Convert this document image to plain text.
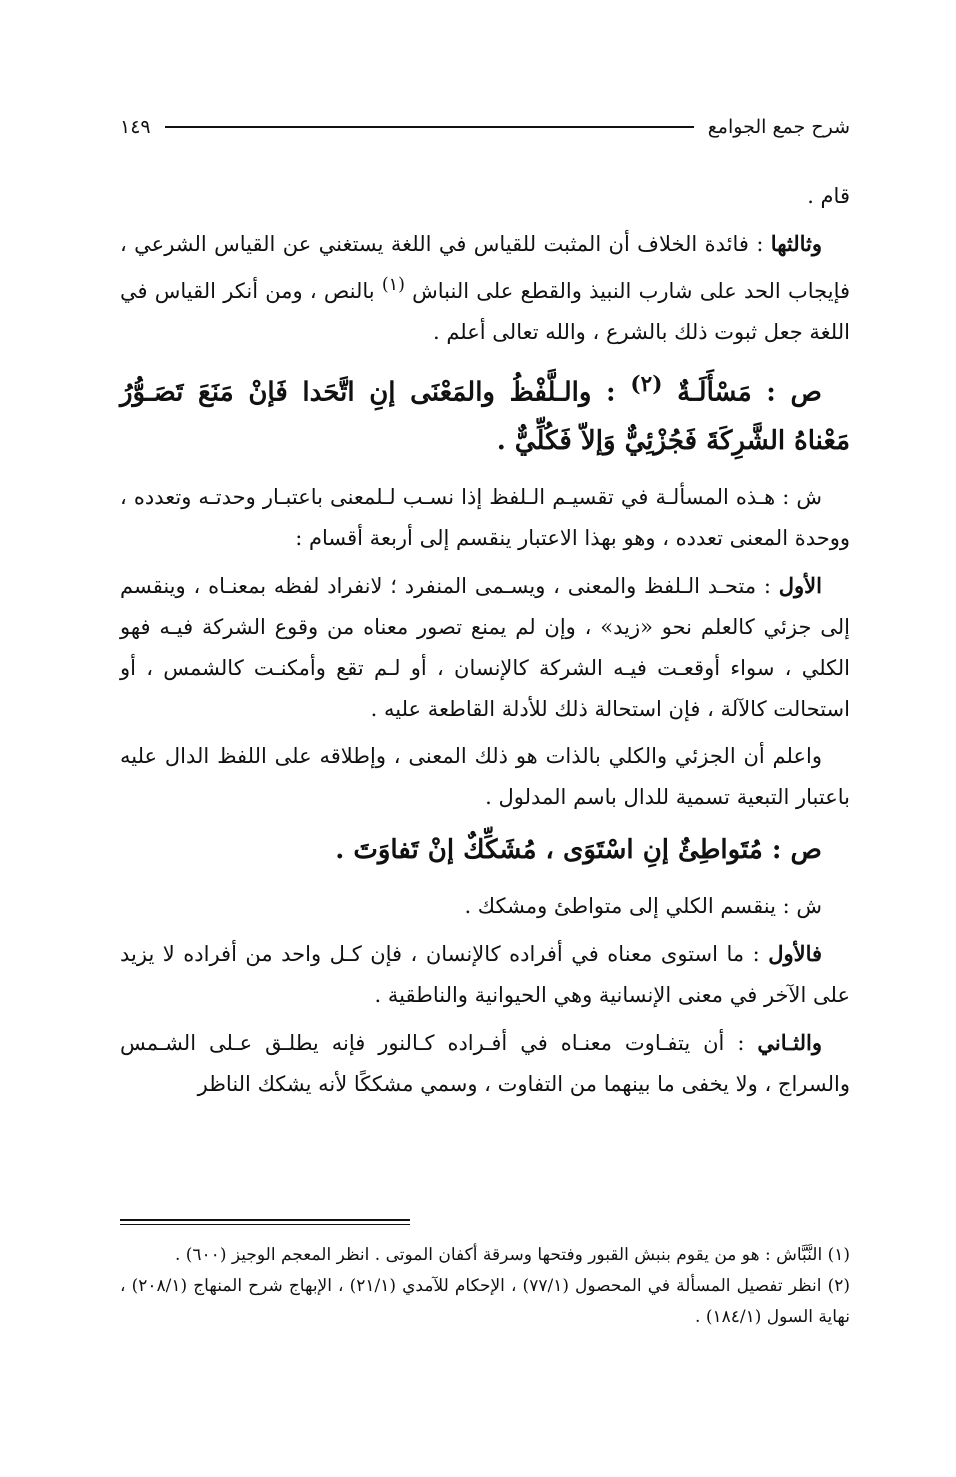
شرح جمع الجوامع
١٤٩

قام .

وثالثها : فائدة الخلاف أن المثبت للقياس في اللغة يستغني عن القياس الشرعي ، فإيجاب الحد على شارب النبيذ والقطع على النباش $^{(١)}$ بالنص ، ومن أنكر القياس في اللغة جعل ثبوت ذلك بالشرع ، والله تعالى أعلم .

ص : مَسْأَلَـةٌ $^{(٢)}$ : والـلَّفْظُ والمَعْنَى إنِ اتَّحَدا فَإنْ مَنَعَ تَصَـوُّرُ مَعْناهُ الشَّرِكَةَ فَجُزْئِيٌّ وَإلاّ فَكُلِّيٌّ .

ش : هـذه المسألـة في تقسيـم الـلفظ إذا نسـب لـلمعنى باعتبـار وحدتـه وتعدده ، ووحدة المعنى تعدده ، وهو بهذا الاعتبار ينقسم إلى أربعة أقسام :

الأول : متحـد الـلفظ والمعنى ، ويسـمى المنفرد ؛ لانفراد لفظه بمعنـاه ، وينقسم إلى جزئي كالعلم نحو «زيد» ، وإن لم يمنع تصور معناه من وقوع الشركة فيـه فهو الكلي ، سواء أوقعـت فيـه الشركة كالإنسان ، أو لـم تقع وأمكنـت كالشمس ، أو استحالت كالآلة ، فإن استحالة ذلك للأدلة القاطعة عليه .

واعلم أن الجزئي والكلي بالذات هو ذلك المعنى ، وإطلاقه على اللفظ الدال عليه باعتبار التبعية تسمية للدال باسم المدلول .

ص : مُتَواطِئٌ إنِ اسْتَوَى ، مُشَكِّكٌ إنْ تَفاوَتَ .

ش : ينقسم الكلي إلى متواطئ ومشكك .

فالأول : ما استوى معناه في أفراده كالإنسان ، فإن كـل واحد من أفراده لا يزيد على الآخر في معنى الإنسانية وهي الحيوانية والناطقية .

والثـاني : أن يتفـاوت معنـاه في أفـراده كـالنور فإنه يطلـق عـلى الشـمس والسراج ، ولا يخفى ما بينهما من التفاوت ، وسمي مشككًا لأنه يشكك الناظر

(١) النَّبَّاش : هو من يقوم بنبش القبور وفتحها وسرقة أكفان الموتى . انظر المعجم الوجيز (٦٠٠) .

(٢) انظر تفصيل المسألة في المحصول (٧٧/١) ، الإحكام للآمدي (٢١/١) ، الإبهاج شرح المنهاج (٢٠٨/١) ، نهاية السول (١٨٤/١) .
